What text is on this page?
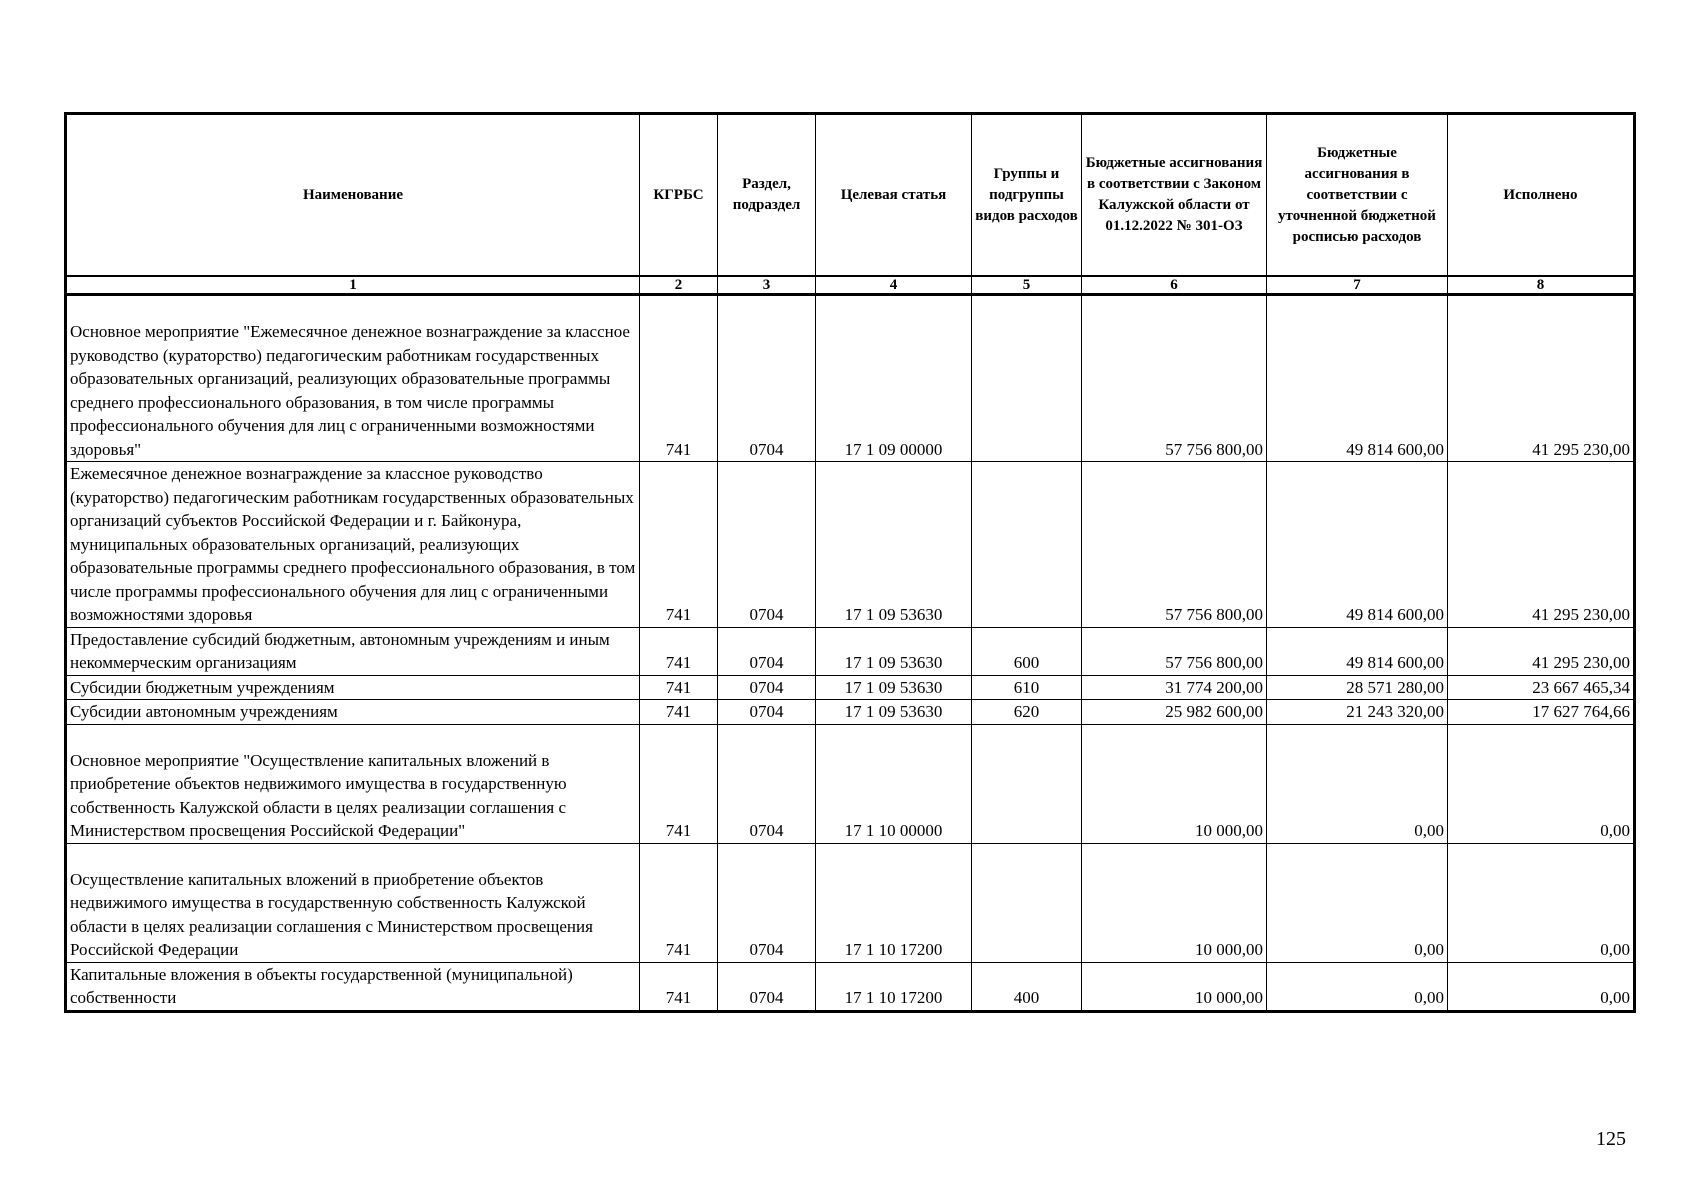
Наименование	КГРБС	Раздел, подраздел	Целевая статья	Группы и подгруппы видов расходов	Бюджетные ассигнования в соответствии с Законом Калужской области от 01.12.2022 № 301-ОЗ	Бюджетные ассигнования в соответствии с уточненной бюджетной росписью расходов	Исполнено
1	2	3	4	5	6	7	8
Основное мероприятие "Ежемесячное денежное вознаграждение за классное руководство (кураторство) педагогическим работникам государственных образовательных организаций, реализующих образовательные программы среднего профессионального образования, в том числе программы профессионального обучения для лиц с ограниченными возможностями здоровья"	741	0704	17 1 09 00000		57 756 800,00	49 814 600,00	41 295 230,00
Ежемесячное денежное вознаграждение за классное руководство (кураторство) педагогическим работникам государственных образовательных организаций субъектов Российской Федерации и г. Байконура, муниципальных образовательных организаций, реализующих образовательные программы среднего профессионального образования, в том числе программы профессионального обучения для лиц с ограниченными возможностями здоровья	741	0704	17 1 09 53630		57 756 800,00	49 814 600,00	41 295 230,00
Предоставление субсидий бюджетным, автономным учреждениям и иным некоммерческим организациям	741	0704	17 1 09 53630	600	57 756 800,00	49 814 600,00	41 295 230,00
Субсидии бюджетным учреждениям	741	0704	17 1 09 53630	610	31 774 200,00	28 571 280,00	23 667 465,34
Субсидии автономным учреждениям	741	0704	17 1 09 53630	620	25 982 600,00	21 243 320,00	17 627 764,66
Основное мероприятие "Осуществление капитальных вложений в приобретение объектов недвижимого имущества в государственную собственность Калужской области в целях реализации соглашения с Министерством просвещения Российской Федерации"	741	0704	17 1 10 00000		10 000,00	0,00	0,00
Осуществление капитальных вложений в приобретение объектов недвижимого имущества в государственную собственность Калужской области в целях реализации соглашения с Министерством просвещения Российской Федерации	741	0704	17 1 10 17200		10 000,00	0,00	0,00
Капитальные вложения в объекты государственной (муниципальной) собственности	741	0704	17 1 10 17200	400	10 000,00	0,00	0,00
125
